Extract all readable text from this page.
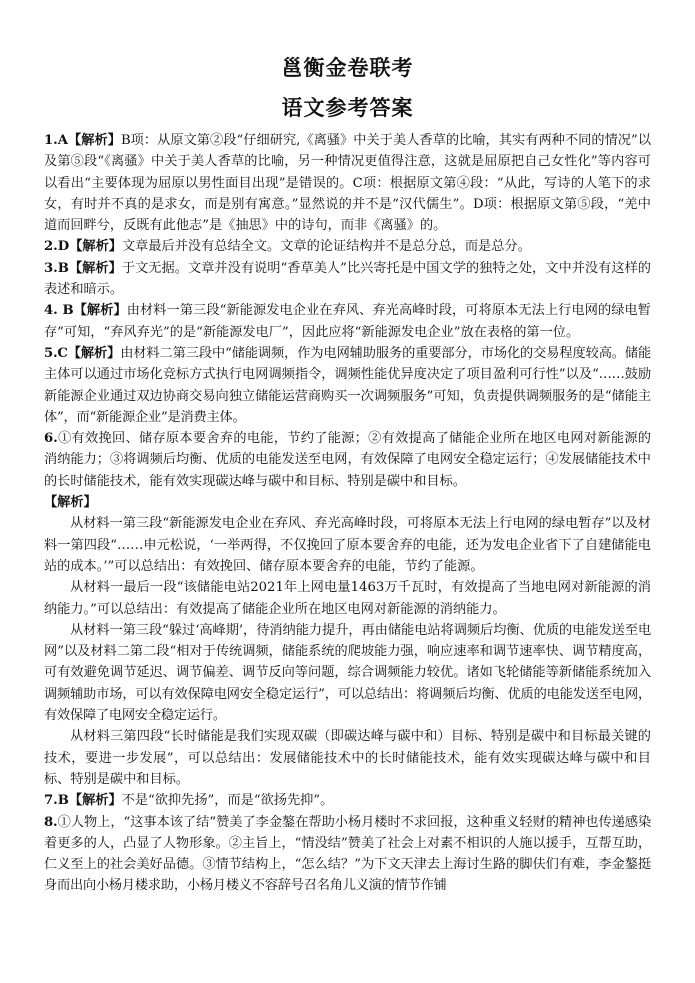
邕衡金卷联考
语文参考答案

1.A【解析】B项：从原文第②段“仔细研究,《离骚》中关于美人香草的比喻，其实有两种不同的情况”以及第⑤段“《离骚》中关于美人香草的比喻，另一种情况更值得注意，这就是屈原把自己女性化”等内容可以看出“主要体现为屈原以男性面目出现”是错误的。C项：根据原文第④段：“从此，写诗的人笔下的求女，有时并不真的是求女，而是别有寓意。”显然说的并不是“汉代儒生”。D项：根据原文第⑤段，“羌中道而回畔兮，反既有此他志”是《抽思》中的诗句，而非《离骚》的。

2.D【解析】文章最后并没有总结全文。文章的论证结构并不是总分总，而是总分。

3.B【解析】于文无据。文章并没有说明“香草美人”比兴寄托是中国文学的独特之处，文中并没有这样的表述和暗示。

4. B【解析】由材料一第三段“新能源发电企业在弃风、弃光高峰时段，可将原本无法上行电网的绿电暂存”可知，“弃风弃光”的是“新能源发电厂”，因此应将“新能源发电企业”放在表格的第一位。

5.C【解析】由材料二第三段中“储能调频，作为电网辅助服务的重要部分，市场化的交易程度较高。储能主体可以通过市场化竞标方式执行电网调频指令，调频性能优异度决定了项目盈利可行性”以及“……鼓励新能源企业通过双边协商交易向独立储能运营商购买一次调频服务”可知，负责提供调频服务的是“储能主体”，而“新能源企业”是消费主体。

6.①有效挽回、储存原本要舍弃的电能，节约了能源；②有效提高了储能企业所在地区电网对新能源的消纳能力；③将调频后均衡、优质的电能发送至电网，有效保障了电网安全稳定运行；④发展储能技术中的长时储能技术，能有效实现碳达峰与碳中和目标、特别是碳中和目标。

【解析】

从材料一第三段“新能源发电企业在弃风、弃光高峰时段，可将原本无法上行电网的绿电暂存”以及材料一第四段“……申元松说，‘一举两得，不仅挽回了原本要舍弃的电能，还为发电企业省下了自建储能电站的成本。’”可以总结出：有效挽回、储存原本要舍弃的电能，节约了能源。

从材料一最后一段“该储能电站2021年上网电量1463万千瓦时，有效提高了当地电网对新能源的消纳能力。”可以总结出：有效提高了储能企业所在地区电网对新能源的消纳能力。

从材料一第三段“躲过‘高峰期’，待消纳能力提升，再由储能电站将调频后均衡、优质的电能发送至电网”以及材料二第二段“相对于传统调频，储能系统的爬坡能力强，响应速率和调节速率快、调节精度高，可有效避免调节延迟、调节偏差、调节反向等问题，综合调频能力较优。诸如飞轮储能等新储能系统加入调频辅助市场，可以有效保障电网安全稳定运行”，可以总结出：将调频后均衡、优质的电能发送至电网，有效保障了电网安全稳定运行。

从材料三第四段“长时储能是我们实现双碳（即碳达峰与碳中和）目标、特别是碳中和目标最关键的技术，要进一步发展”，可以总结出：发展储能技术中的长时储能技术，能有效实现碳达峰与碳中和目标、特别是碳中和目标。

7.B【解析】不是“欲抑先扬”，而是“欲扬先抑”。

8.①人物上，“这事本该了结”赞美了李金鏊在帮助小杨月楼时不求回报，这种重义轻财的精神也传递感染着更多的人，凸显了人物形象。②主旨上，“情没结”赞美了社会上对素不相识的人施以援手，互帮互助，仁义至上的社会美好品德。③情节结构上，“怎么结？”为下文天津去上海讨生路的脚伕们有难，李金鏊挺身而出向小杨月楼求助，小杨月楼义不容辞号召名角儿义演的情节作铺
